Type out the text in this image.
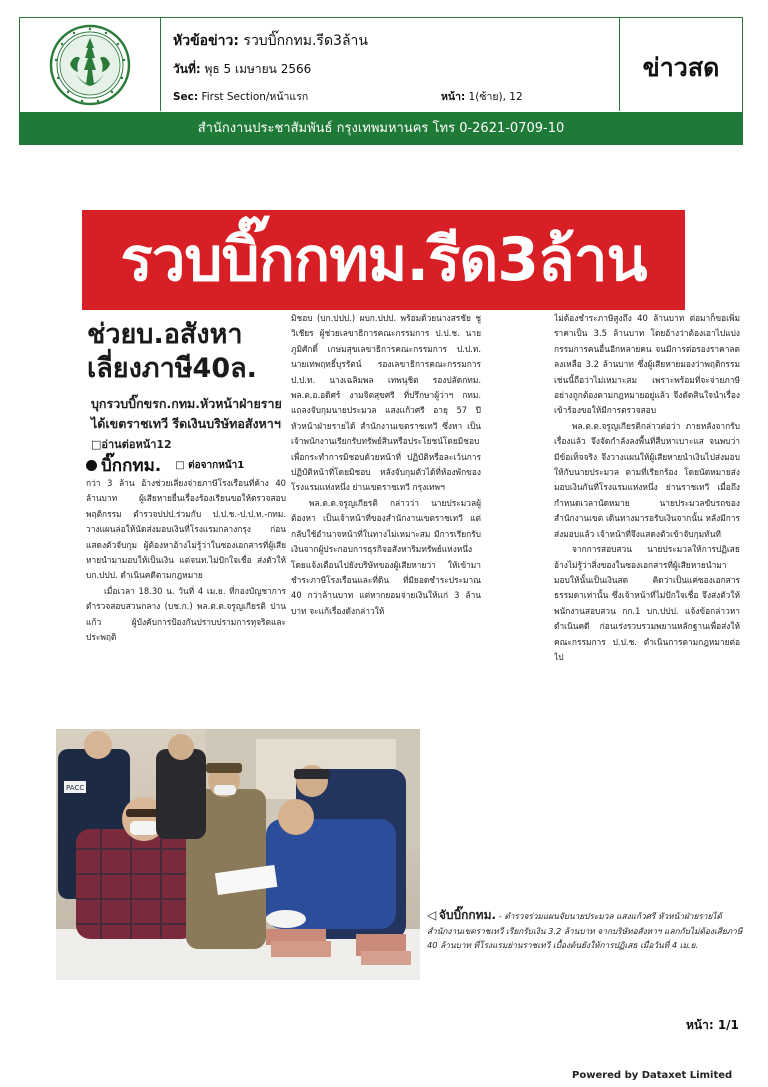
หัวข้อข่าว: รวบบิ๊กกทม.รีด3ล้าน
วันที่: พุธ 5 เมษายน 2566
Sec: First Section/หน้าแรก	หน้า: 1(ซ้าย), 12
ข่าวสด
สำนักงานประชาสัมพันธ์ กรุงเทพมหานคร โทร 0-2621-0709-10
รวบบิ๊กกทม.รีด3ล้าน
ช่วยบ.อสังหา เลี่ยงภาษี40ล.
บุกรวบบิ๊กขรก.กทม.หัวหน้าฝ่ายรายได้เขตราชเทวี รีดเงินบริษัทอสังหาฯ □อ่านต่อหน้า12
บิ๊กกทม. □ ต่อจากหน้า1

กว่า 3 ล้าน อ้างช่วยเลี่ยงจ่ายภาษีโรงเรือนที่ค้าง 40 ล้านบาท ผู้เสียหายยื่นเรื่องร้องเรียนขอให้ตรวจสอบพฤติกรรม ตำรวจปปป.ร่วมกับ ป.ป.ช.-ป.ป.ท.-กทม. วางแผนล่อให้นัดส่งมอบเงินที่โรงแรมกลางกรุง ก่อนแสดงตัวจับกุม ผู้ต้องหาอ้างไม่รู้ว่าในซองเอกสารที่ผู้เสียหายนำมามอบให้เป็นเงิน แต่จนท.ไม่ปักใจเชื่อ ส่งตัวให้บก.ปปป. ดำเนินคดีตามกฎหมาย

เมื่อเวลา 18.30 น. วันที่ 4 เม.ย. ที่กองบัญชาการตำรวจสอบสวนกลาง (บช.ก.) พล.ต.ต.จรูญเกียรติ ปานแก้ว ผู้บังคับการป้องกันปราบปรามการทุจริตและประพฤติ

มิชอบ (บก.ปปป.) ผบก.ปปป. พร้อมด้วยนางสรชัย ชูวิเชียร ผู้ช่วยเลขาธิการคณะกรรมการ ป.ป.ช. นายภูมิศักดิ์ เกษมสุขเลขาธิการคณะกรรมการ ป.ป.ท. นายเทพฤทธิ์บุรรัตน์ รองเลขาธิการคณะกรรมการ ป.ป.ท. นางเฉลิมพล เทพนุชิต รองปลัดกทม. พล.ต.อ.อดิศร์ งามจิตสุขศรี ที่ปรึกษาผู้ว่าฯ กทม. แถลงจับกุมนายประมวล แสงแก้วศรี อายุ 57 ปี หัวหน้าฝ่ายรายได้ สำนักงานเขตราชเทวี ซึ่งหา เป็นเจ้าพนักงานเรียกรับทรัพย์สินหรือประโยชน์โดยมิชอบเพื่อกระทำการมิชอบด้วยหน้าที่ ปฏิบัติหรือละเว้นการปฏิบัติหน้าที่โดยมิชอบ หลังจับกุมตัวได้ที่ห้องพักของโรงแรมแห่งหนึ่ง ย่านเขตราชเทวี กรุงเทพฯ

พล.ต.ต.จรูญเกียรติ กล่าวว่า นายประมวลผู้ต้องหา เป็นเจ้าหน้าที่ของสำนักงานเขตราชเทวี แต่กลับใช้อำนาจหน้าที่ในทางไม่เหมาะสม มีการเรียกรับเงินจากผู้ประกอบการธุรกิจอสังหาริมทรัพย์แห่งหนึ่ง โดยแจ้งเตือนไปยังบริษัทของผู้เสียหายว่า ให้เข้ามาชำระภาษีโรงเรือนและที่ดิน ที่มียอดชำระประมาณ 40 กว่าล้านบาท แต่หากยอมจ่ายเงินให้แก่ 3 ล้านบาท จะแก้เรื่องดังกล่าวให้

ไม่ต้องชำระภาษีสูงถึง 40 ล้านบาท ต่อมาก็ขอเพิ่มราคาเป็น 3.5 ล้านบาท โดยอ้างว่าต้องเอาไปแบ่งกรรมการคนอื่นอีกหลายคน จนมีการต่อรองราคาลดลงเหลือ 3.2 ล้านบาท ซึ่งผู้เสียหายมองว่าพฤติกรรมเช่นนี้ถือว่าไม่เหมาะสม เพราะพร้อมที่จะจ่ายภาษีอย่างถูกต้องตามกฎหมายอยู่แล้ว จึงตัดสินใจนำเรื่องเข้าร้องขอให้มีการตรวจสอบ

พล.ต.ต.จรูญเกียรติกล่าวต่อว่า ภายหลังจากรับเรื่องแล้ว จึงจัดกำลังลงพื้นที่สืบหาเบาะแส จนพบว่ามีข้อเท็จจริง จึงวางแผนให้ผู้เสียหายนำเงินไปส่งมอบให้กับนายประมวล ตามที่เรียกร้อง โดยนัดหมายส่งมอบเงินกันที่โรงแรมแห่งหนึ่ง ย่านราชเทวี เมื่อถึงกำหนดเวลานัดหมาย นายประมวลขับรถของสำนักงานเขต เดินทางมารอรับเงินจากนั้น หลังมีการส่งมอบแล้ว เจ้าหน้าที่จึงแสดงตัวเข้าจับกุมทันที

จากการสอบสวน นายประมวลให้การปฏิเสธ อ้างไม่รู้ว่าสิ่งของในซองเอกสารที่ผู้เสียหายนำมามอบให้นั้นเป็นเงินสด คิดว่าเป็นแค่ซองเอกสารธรรมดาเท่านั้น ซึ่งเจ้าหน้าที่ไม่ปักใจเชื่อ จึงส่งตัวให้พนักงานสอบสวน กก.1 บก.ปปป. แจ้งข้อกล่าวหาดำเนินคดี ก่อนเร่งรวบรวมพยานหลักฐานเพื่อส่งให้คณะกรรมการ ป.ป.ช. ดำเนินการตามกฎหมายต่อไป

PACC
◁ จับบิ๊กกทม. - ตำรวจร่วมแผนจับนายประมวล แสงแก้วศรี หัวหน้าฝ่ายรายได้ สำนักงานเขตราชเทวี เรียกรับเงิน 3.2 ล้านบาท จากบริษัทอสังหาฯ แลกกับไม่ต้องเสียภาษี 40 ล้านบาท ที่โรงแรมย่านราชเทวี เบื้องต้นยังให้การปฏิเสธ เมื่อวันที่ 4 เม.ย.
หน้า: 1/1
Powered by Dataxet Limited
